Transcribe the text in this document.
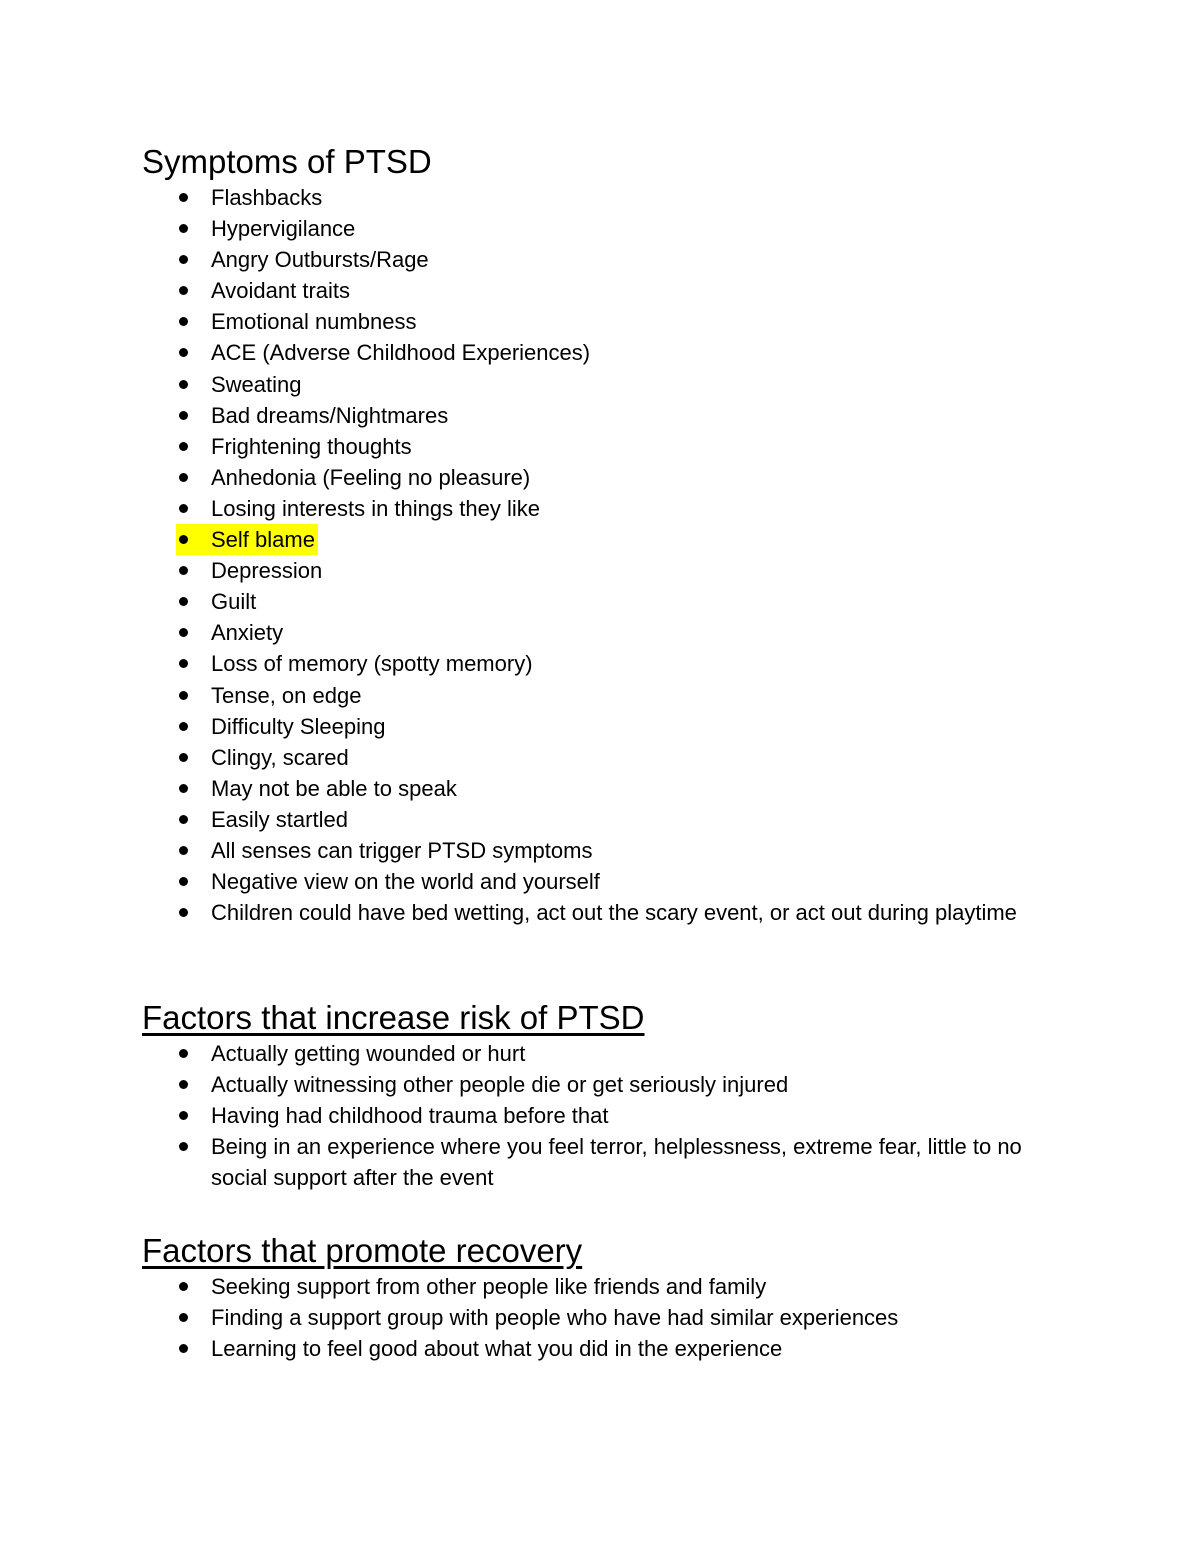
Symptoms of PTSD
Flashbacks
Hypervigilance
Angry Outbursts/Rage
Avoidant traits
Emotional numbness
ACE (Adverse Childhood Experiences)
Sweating
Bad dreams/Nightmares
Frightening thoughts
Anhedonia (Feeling no pleasure)
Losing interests in things they like
Self blame
Depression
Guilt
Anxiety
Loss of memory (spotty memory)
Tense, on edge
Difficulty Sleeping
Clingy, scared
May not be able to speak
Easily startled
All senses can trigger PTSD symptoms
Negative view on the world and yourself
Children could have bed wetting, act out the scary event, or act out during playtime
Factors that increase risk of PTSD
Actually getting wounded or hurt
Actually witnessing other people die or get seriously injured
Having had childhood trauma before that
Being in an experience where you feel terror, helplessness, extreme fear, little to no social support after the event
Factors that promote recovery
Seeking support from other people like friends and family
Finding a support group with people who have had similar experiences
Learning to feel good about what you did in the experience
